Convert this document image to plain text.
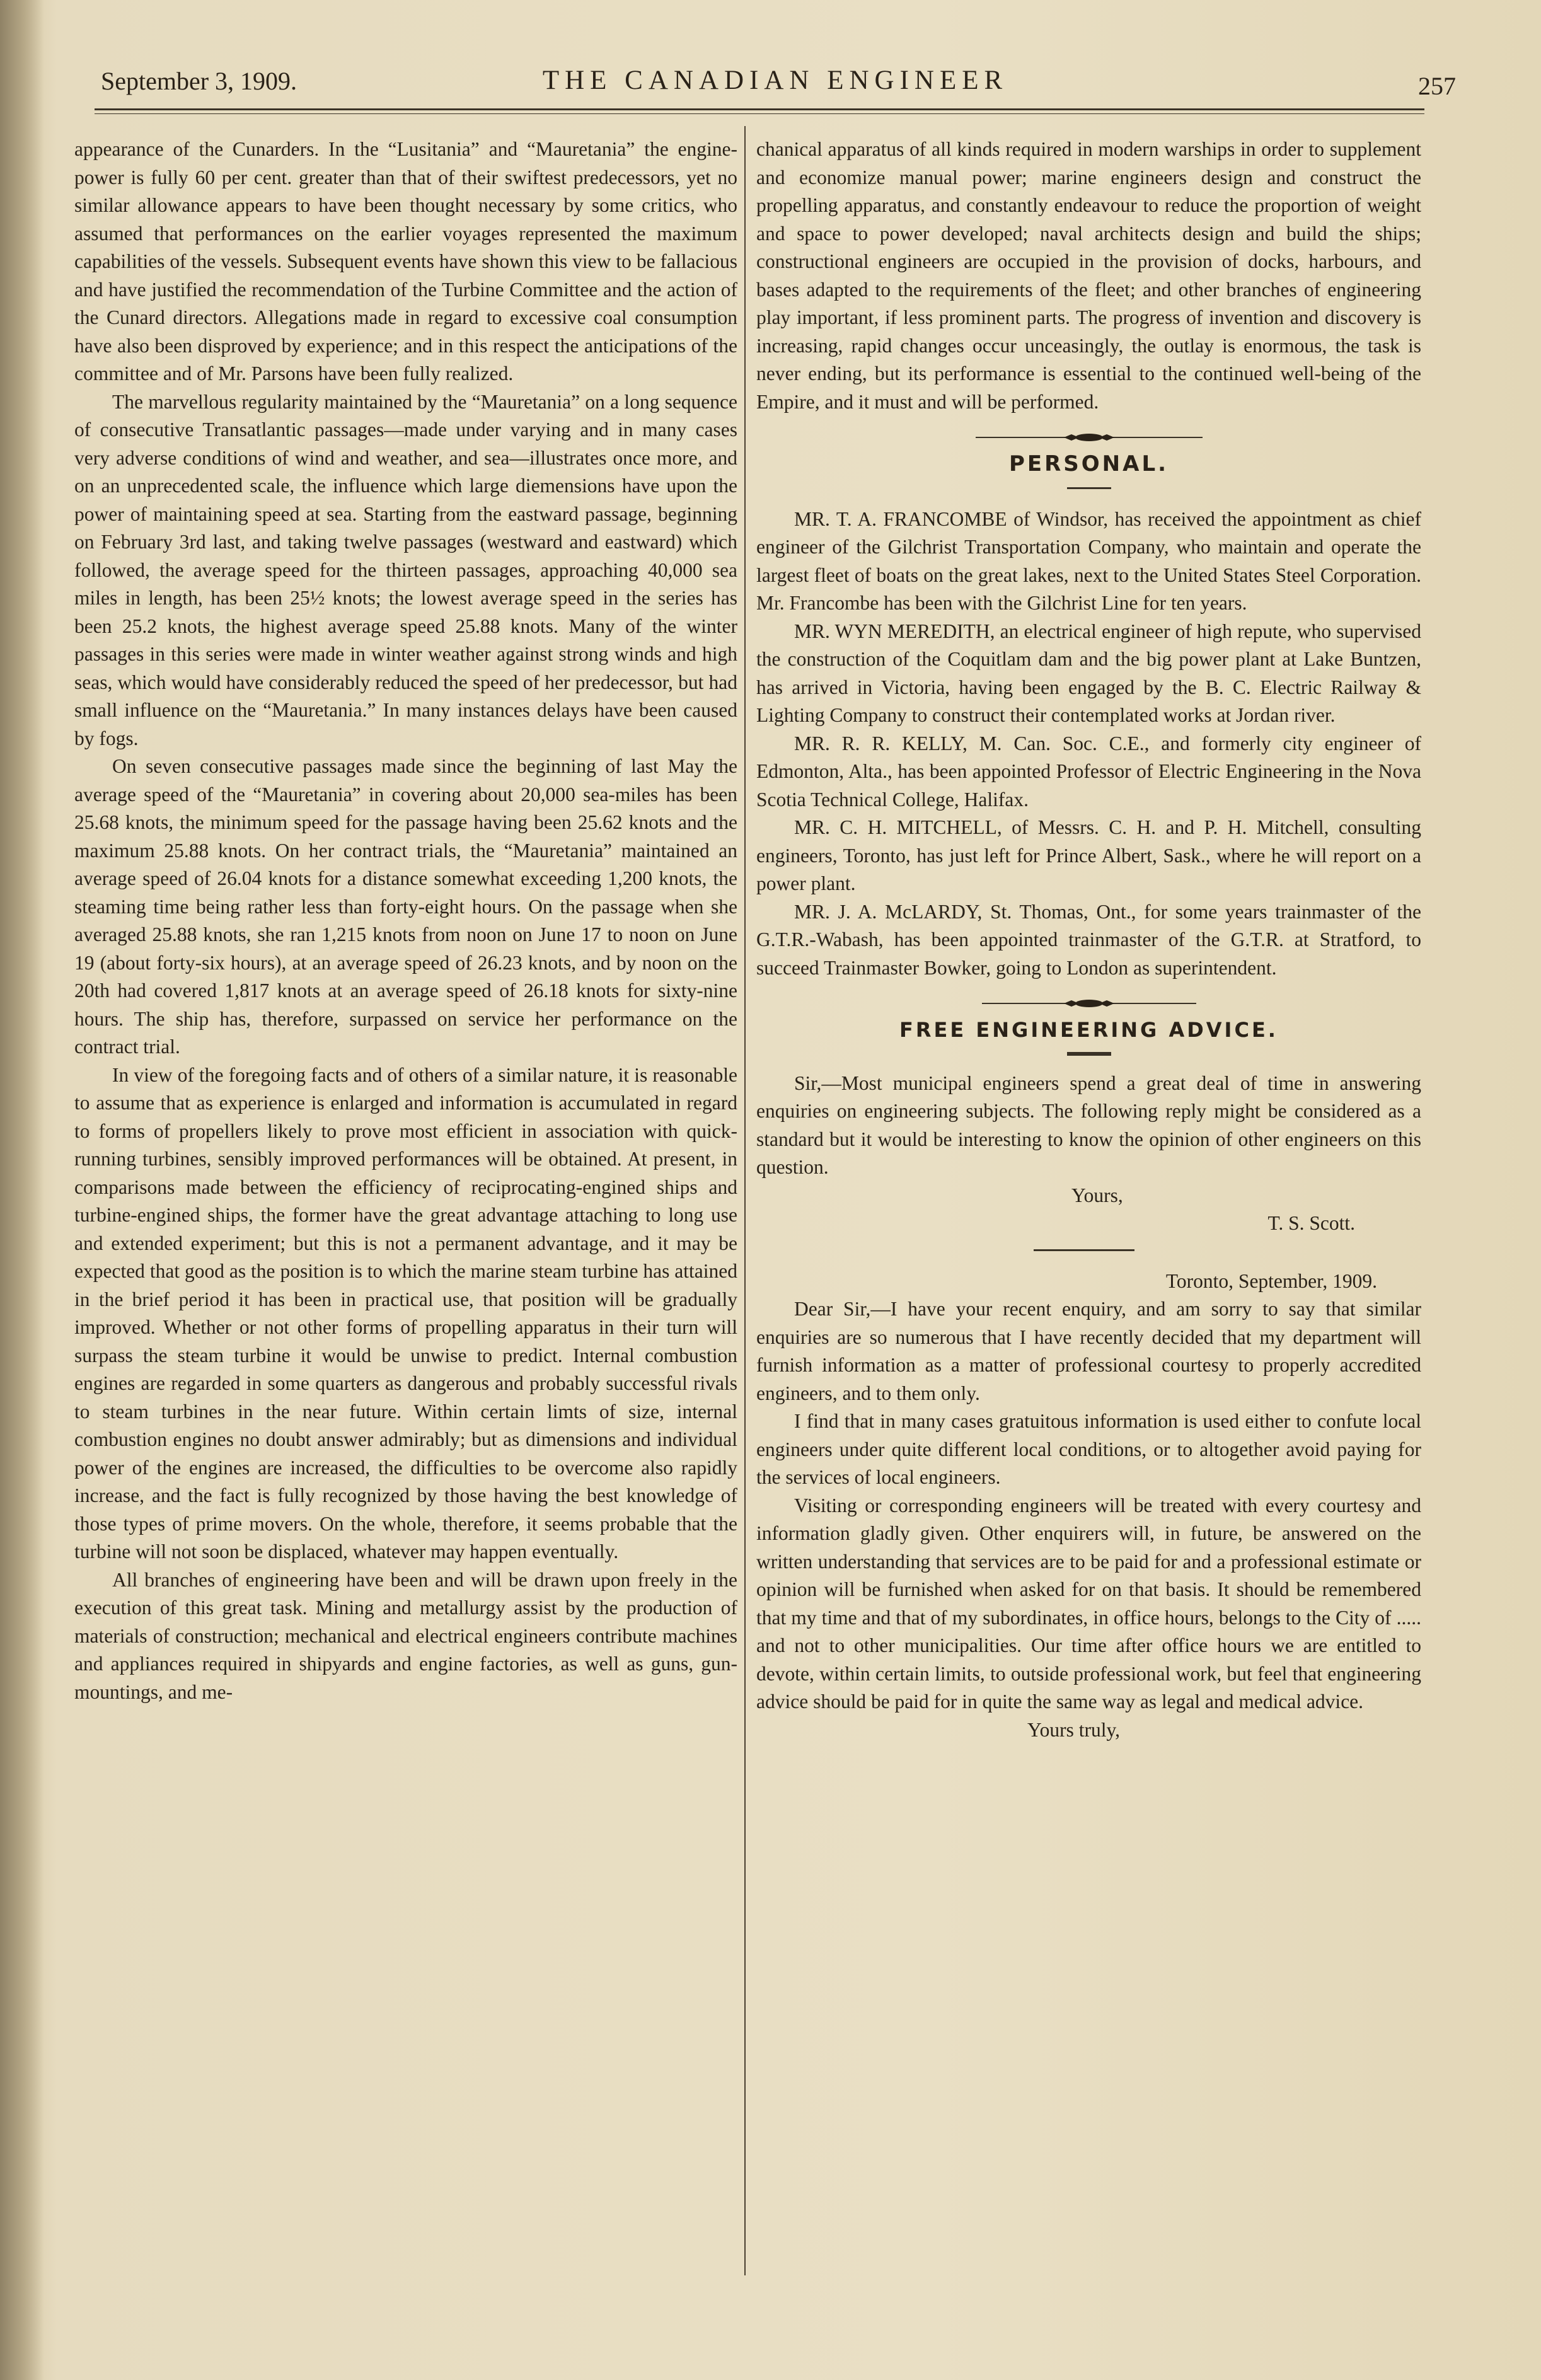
September 3, 1909.	THE CANADIAN ENGINEER	257

appearance of the Cunarders. In the “Lusitania” and “Mauretania” the engine-power is fully 60 per cent. greater than that of their swiftest predecessors, yet no similar allowance appears to have been thought necessary by some critics, who assumed that performances on the earlier voyages represented the maximum capabilities of the vessels. Subsequent events have shown this view to be fallacious and have justified the recommendation of the Turbine Committee and the action of the Cunard directors. Allegations made in regard to excessive coal consumption have also been disproved by experience; and in this respect the anticipations of the committee and of Mr. Parsons have been fully realized.

The marvellous regularity maintained by the “Mauretania” on a long sequence of consecutive Transatlantic passages—made under varying and in many cases very adverse conditions of wind and weather, and sea—illustrates once more, and on an unprecedented scale, the influence which large diemensions have upon the power of maintaining speed at sea. Starting from the eastward passage, beginning on February 3rd last, and taking twelve passages (westward and eastward) which followed, the average speed for the thirteen passages, approaching 40,000 sea miles in length, has been 25½ knots; the lowest average speed in the series has been 25.2 knots, the highest average speed 25.88 knots. Many of the winter passages in this series were made in winter weather against strong winds and high seas, which would have considerably reduced the speed of her predecessor, but had small influence on the “Mauretania.” In many instances delays have been caused by fogs.

On seven consecutive passages made since the beginning of last May the average speed of the “Mauretania” in covering about 20,000 sea-miles has been 25.68 knots, the minimum speed for the passage having been 25.62 knots and the maximum 25.88 knots. On her contract trials, the “Mauretania” maintained an average speed of 26.04 knots for a distance somewhat exceeding 1,200 knots, the steaming time being rather less than forty-eight hours. On the passage when she averaged 25.88 knots, she ran 1,215 knots from noon on June 17 to noon on June 19 (about forty-six hours), at an average speed of 26.23 knots, and by noon on the 20th had covered 1,817 knots at an average speed of 26.18 knots for sixty-nine hours. The ship has, therefore, surpassed on service her performance on the contract trial.

In view of the foregoing facts and of others of a similar nature, it is reasonable to assume that as experience is enlarged and information is accumulated in regard to forms of propellers likely to prove most efficient in association with quick-running turbines, sensibly improved performances will be obtained. At present, in comparisons made between the efficiency of reciprocating-engined ships and turbine-engined ships, the former have the great advantage attaching to long use and extended experiment; but this is not a permanent advantage, and it may be expected that good as the position is to which the marine steam turbine has attained in the brief period it has been in practical use, that position will be gradually improved. Whether or not other forms of propelling apparatus in their turn will surpass the steam turbine it would be unwise to predict. Internal combustion engines are regarded in some quarters as dangerous and probably successful rivals to steam turbines in the near future. Within certain limts of size, internal combustion engines no doubt answer admirably; but as dimensions and individual power of the engines are increased, the difficulties to be overcome also rapidly increase, and the fact is fully recognized by those having the best knowledge of those types of prime movers. On the whole, therefore, it seems probable that the turbine will not soon be displaced, whatever may happen eventually.

All branches of engineering have been and will be drawn upon freely in the execution of this great task. Mining and metallurgy assist by the production of materials of construction; mechanical and electrical engineers contribute machines and appliances required in shipyards and engine factories, as well as guns, gun-mountings, and me-

chanical apparatus of all kinds required in modern warships in order to supplement and economize manual power; marine engineers design and construct the propelling apparatus, and constantly endeavour to reduce the proportion of weight and space to power developed; naval architects design and build the ships; constructional engineers are occupied in the provision of docks, harbours, and bases adapted to the requirements of the fleet; and other branches of engineering play important, if less prominent parts. The progress of invention and discovery is increasing, rapid changes occur unceasingly, the outlay is enormous, the task is never ending, but its performance is essential to the continued well-being of the Empire, and it must and will be performed.

PERSONAL.

MR. T. A. FRANCOMBE of Windsor, has received the appointment as chief engineer of the Gilchrist Transportation Company, who maintain and operate the largest fleet of boats on the great lakes, next to the United States Steel Corporation. Mr. Francombe has been with the Gilchrist Line for ten years.

MR. WYN MEREDITH, an electrical engineer of high repute, who supervised the construction of the Coquitlam dam and the big power plant at Lake Buntzen, has arrived in Victoria, having been engaged by the B. C. Electric Railway & Lighting Company to construct their contemplated works at Jordan river.

MR. R. R. KELLY, M. Can. Soc. C.E., and formerly city engineer of Edmonton, Alta., has been appointed Professor of Electric Engineering in the Nova Scotia Technical College, Halifax.

MR. C. H. MITCHELL, of Messrs. C. H. and P. H. Mitchell, consulting engineers, Toronto, has just left for Prince Albert, Sask., where he will report on a power plant.

MR. J. A. McLARDY, St. Thomas, Ont., for some years trainmaster of the G.T.R.-Wabash, has been appointed trainmaster of the G.T.R. at Stratford, to succeed Trainmaster Bowker, going to London as superintendent.

FREE ENGINEERING ADVICE.

Sir,—Most municipal engineers spend a great deal of time in answering enquiries on engineering subjects. The following reply might be considered as a standard but it would be interesting to know the opinion of other engineers on this question.

Yours,

T. S. Scott.

Toronto, September, 1909.

Dear Sir,—I have your recent enquiry, and am sorry to say that similar enquiries are so numerous that I have recently decided that my department will furnish information as a matter of professional courtesy to properly accredited engineers, and to them only.

I find that in many cases gratuitous information is used either to confute local engineers under quite different local conditions, or to altogether avoid paying for the services of local engineers.

Visiting or corresponding engineers will be treated with every courtesy and information gladly given. Other enquirers will, in future, be answered on the written understanding that services are to be paid for and a professional estimate or opinion will be furnished when asked for on that basis. It should be remembered that my time and that of my subordinates, in office hours, belongs to the City of ..... and not to other municipalities. Our time after office hours we are entitled to devote, within certain limits, to outside professional work, but feel that engineering advice should be paid for in quite the same way as legal and medical advice.

Yours truly,
